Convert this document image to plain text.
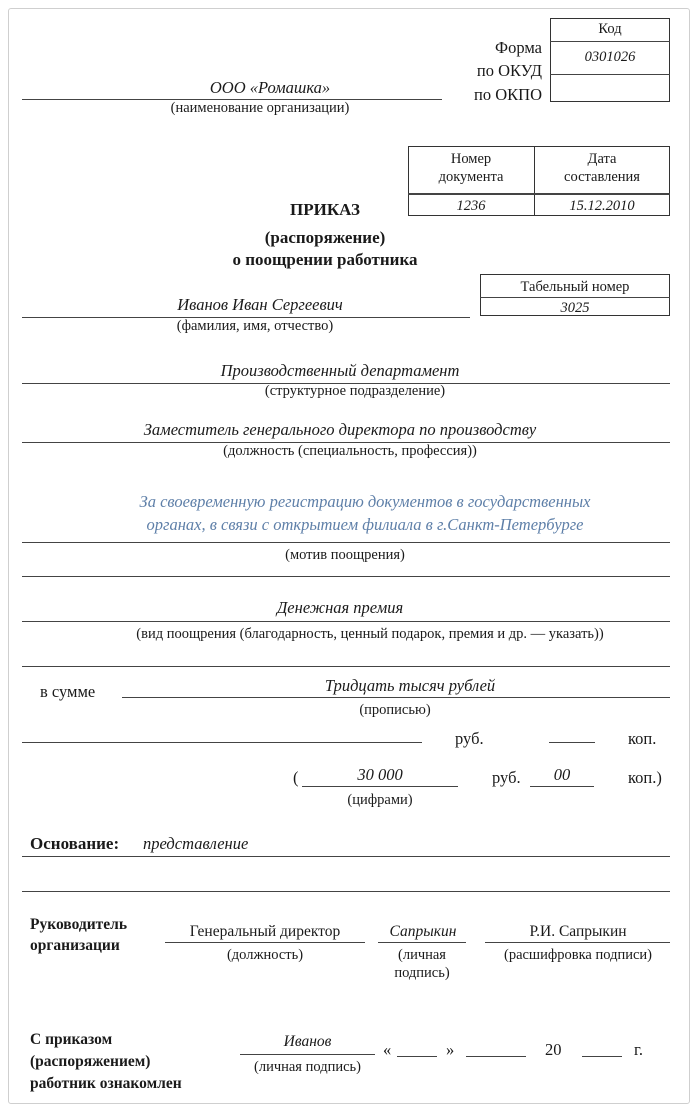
ООО «Ромашка»
(наименование организации)
Форма
по ОКУД
по ОКПО
Код
0301026
Номер
документа
Дата
составления
1236	15.12.2010
ПРИКАЗ
(распоряжение)
о поощрении работника
Табельный номер
3025
Иванов Иван Сергеевич
(фамилия, имя, отчество)
Производственный департамент
(структурное подразделение)
Заместитель генерального директора по производству
(должность (специальность, профессия))
За своевременную регистрацию документов в государственных
органах, в связи с открытием филиала в г.Санкт-Петербурге
(мотив поощрения)
Денежная премия
(вид поощрения (благодарность, ценный подарок, премия и др. — указать))
в сумме	Тридцать тысяч рублей
(прописью)
руб.	коп.
(	30 000	руб.	00	коп.)
(цифрами)
Основание: представление
Руководитель
организации
Генеральный директор
(должность)
Сапрыкин
(личная
подпись)
Р.И. Сапрыкин
(расшифровка подписи)
С приказом
(распоряжением)
работник ознакомлен
Иванов
(личная подпись)
«	»	20	г.
